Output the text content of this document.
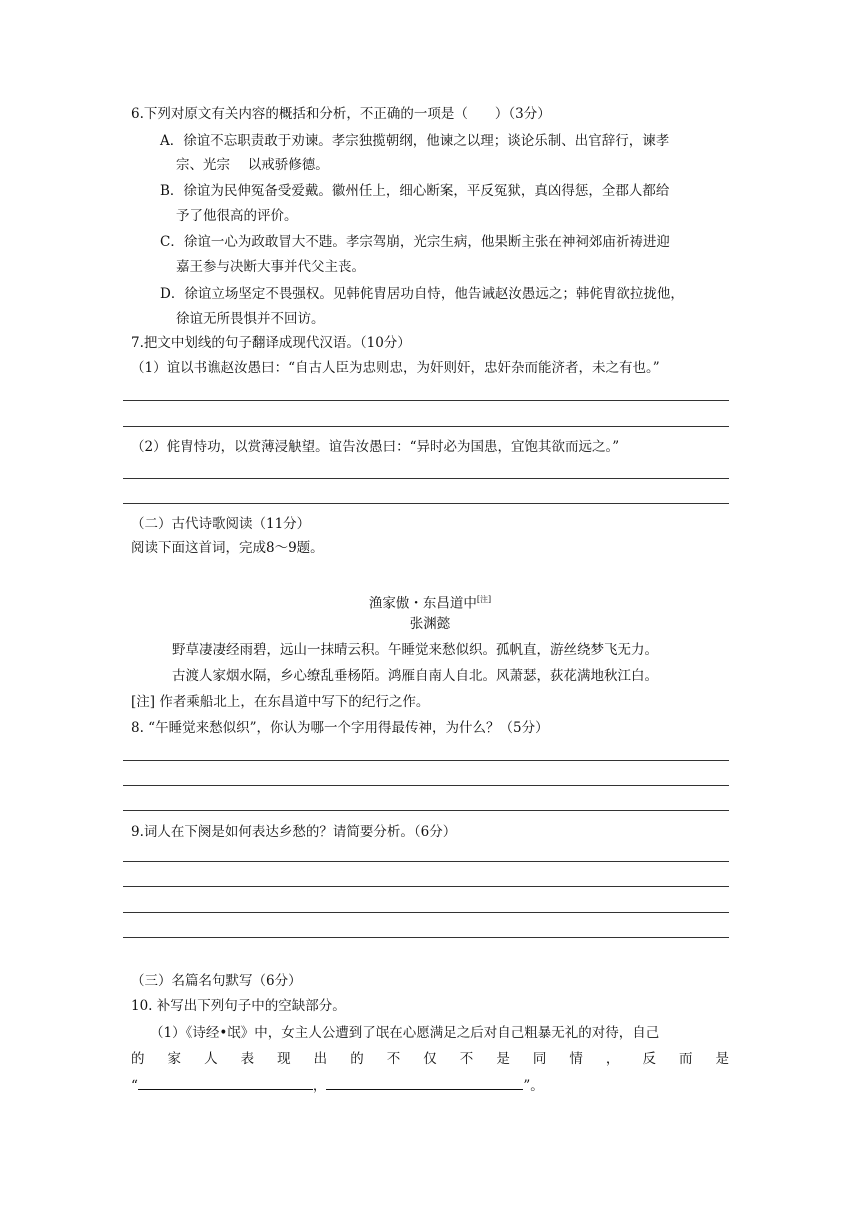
6.下列对原文有关内容的概括和分析，不正确的一项是（　　）（3分）
A．徐谊不忘职责敢于劝谏。孝宗独揽朝纲，他谏之以理；谈论乐制、出官辞行，谏孝
宗、光宗　 以戒骄修德。
B．徐谊为民伸冤备受爱戴。徽州任上，细心断案，平反冤狱，真凶得惩，全郡人都给
予了他很高的评价。
C．徐谊一心为政敢冒大不韪。孝宗驾崩，光宗生病，他果断主张在神祠郊庙祈祷进迎
嘉王参与决断大事并代父主丧。
D．徐谊立场坚定不畏强权。见韩侂胄居功自恃，他告诫赵汝愚远之；韩侂胄欲拉拢他，
徐谊无所畏惧并不回访。
7.把文中划线的句子翻译成现代汉语。（10分）
（1）谊以书谯赵汝愚曰：“自古人臣为忠则忠，为奸则奸，忠奸杂而能济者，未之有也。”
（2）侂胄恃功，以赏薄浸觖望。谊告汝愚曰：“异时必为国患，宜饱其欲而远之。”
（二）古代诗歌阅读（11分）
阅读下面这首词，完成8～9题。
渔家傲・东昌道中[注]
张渊懿
野草凄凄经雨碧，远山一抹晴云积。午睡觉来愁似织。孤帆直，游丝绕梦飞无力。
古渡人家烟水隔，乡心缭乱垂杨陌。鸿雁自南人自北。风萧瑟，荻花满地秋江白。
[注] 作者乘船北上，在东昌道中写下的纪行之作。
8. “午睡觉来愁似织”，你认为哪一个字用得最传神，为什么？（5分）
9.词人在下阕是如何表达乡愁的？请简要分析。（6分）
（三）名篇名句默写（6分）
10. 补写出下列句子中的空缺部分。
（1）《诗经•氓》中，女主人公遭到了氓在心愿满足之后对自己粗暴无礼的对待，自己
的 家 人 表 现 出 的 不 仅 不 是 同 情 ， 反 而 是
“	，	”。
